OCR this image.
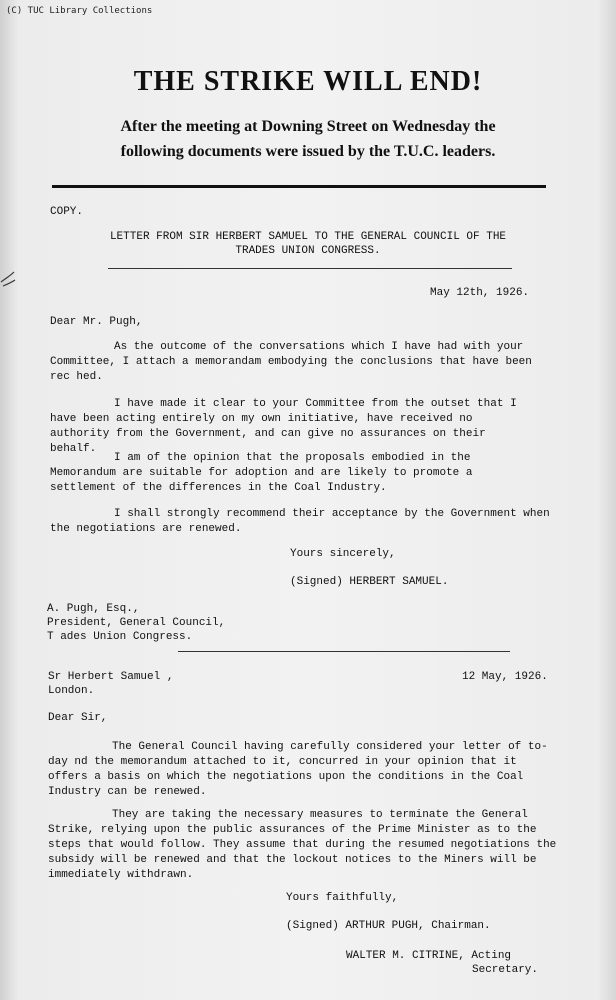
(C) TUC Library Collections
THE STRIKE WILL END!
After the meeting at Downing Street on Wednesday the
following documents were issued by the T.U.C. leaders.
COPY.
LETTER FROM SIR HERBERT SAMUEL TO THE GENERAL COUNCIL OF THE
TRADES UNION CONGRESS.
May 12th, 1926.
Dear Mr. Pugh,
As the outcome of the conversations which I have had with your Committee, I attach a memorandam embodying the conclusions that have been rec hed.
I have made it clear to your Committee from the outset that I have been acting entirely on my own initiative, have received no authority from the Government, and can give no assurances on their behalf.
I am of the opinion that the proposals embodied in the Memorandum are suitable for adoption and are likely to promote a settlement of the differences in the Coal Industry.
I shall strongly recommend their acceptance by the Government when the negotiations are renewed.
Yours sincerely,
(Signed) HERBERT SAMUEL.
A. Pugh, Esq.,
President, General Council,
T ades Union Congress.
Sr Herbert Samuel ,
London.
12 May, 1926.
Dear Sir,
The General Council having carefully considered your letter of to- day nd the memorandum attached to it, concurred in your opinion that it offers a basis on which the negotiations upon the conditions in the Coal Industry can be renewed.
They are taking the necessary measures to terminate the General Strike, relying upon the public assurances of the Prime Minister as to the steps that would follow. They assume that during the resumed negotiations the subsidy will be renewed and that the lockout notices to the Miners will be immediately withdrawn.
Yours faithfully,
(Signed) ARTHUR PUGH, Chairman.
WALTER M. CITRINE, Acting
Secretary.
